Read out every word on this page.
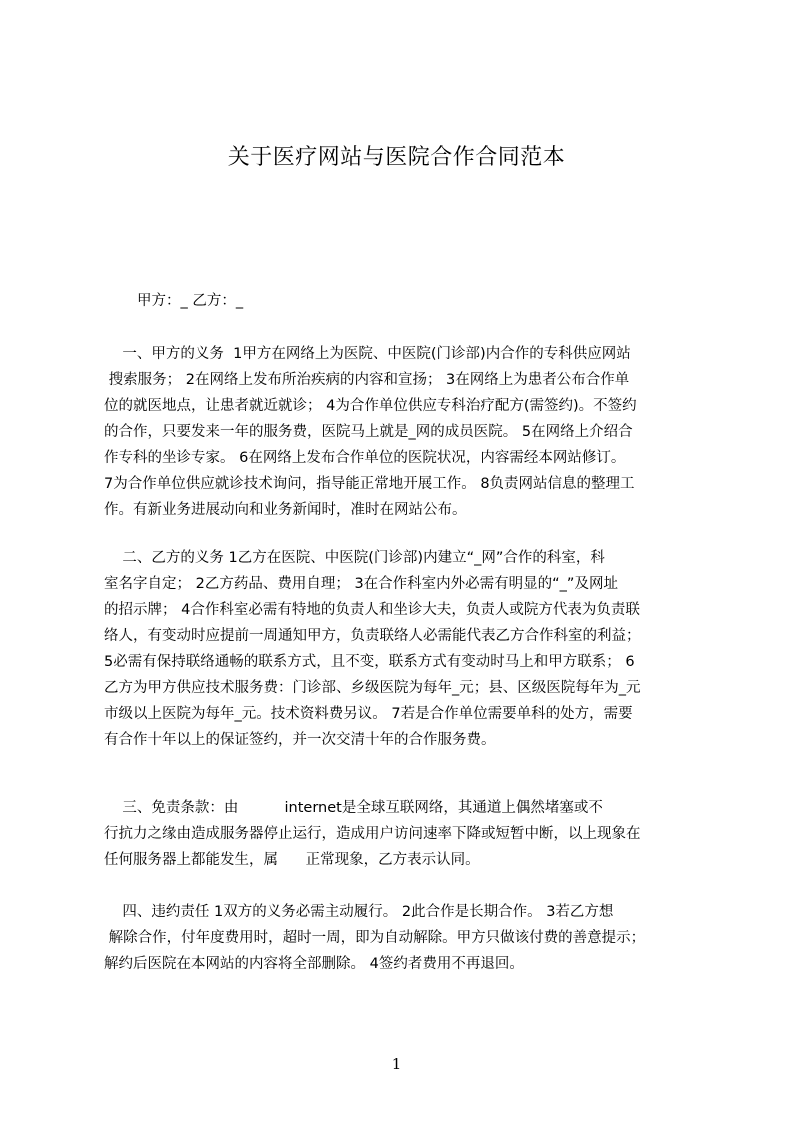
关于医疗网站与医院合作合同范本
甲方：_ 乙方：_
一、甲方的义务  1甲方在网络上为医院、中医院(门诊部)内合作的专科供应网站
搜索服务； 2在网络上发布所治疾病的内容和宣扬； 3在网络上为患者公布合作单
位的就医地点，让患者就近就诊； 4为合作单位供应专科治疗配方(需签约)。不签约
的合作，只要发来一年的服务费，医院马上就是_网的成员医院。 5在网络上介绍合
作专科的坐诊专家。 6在网络上发布合作单位的医院状况，内容需经本网站修订。
7为合作单位供应就诊技术询问，指导能正常地开展工作。 8负责网站信息的整理工
作。有新业务进展动向和业务新闻时，准时在网站公布。
二、乙方的义务 1乙方在医院、中医院(门诊部)内建立“_网”合作的科室，科
室名字自定； 2乙方药品、费用自理； 3在合作科室内外必需有明显的“_”及网址
的招示牌； 4合作科室必需有特地的负责人和坐诊大夫，负责人或院方代表为负责联
络人，有变动时应提前一周通知甲方，负责联络人必需能代表乙方合作科室的利益；
5必需有保持联络通畅的联系方式，且不变，联系方式有变动时马上和甲方联系； 6
乙方为甲方供应技术服务费：门诊部、乡级医院为每年_元；县、区级医院每年为_元
市级以上医院为每年_元。技术资料费另议。 7若是合作单位需要单科的处方，需要
有合作十年以上的保证签约，并一次交清十年的合作服务费。
三、免责条款：由          internet是全球互联网络，其通道上偶然堵塞或不
行抗力之缘由造成服务器停止运行，造成用户访问速率下降或短暂中断，以上现象在
任何服务器上都能发生，属      正常现象，乙方表示认同。
四、违约责任 1双方的义务必需主动履行。 2此合作是长期合作。 3若乙方想
解除合作，付年度费用时，超时一周，即为自动解除。甲方只做该付费的善意提示；
解约后医院在本网站的内容将全部删除。 4签约者费用不再退回。
1
